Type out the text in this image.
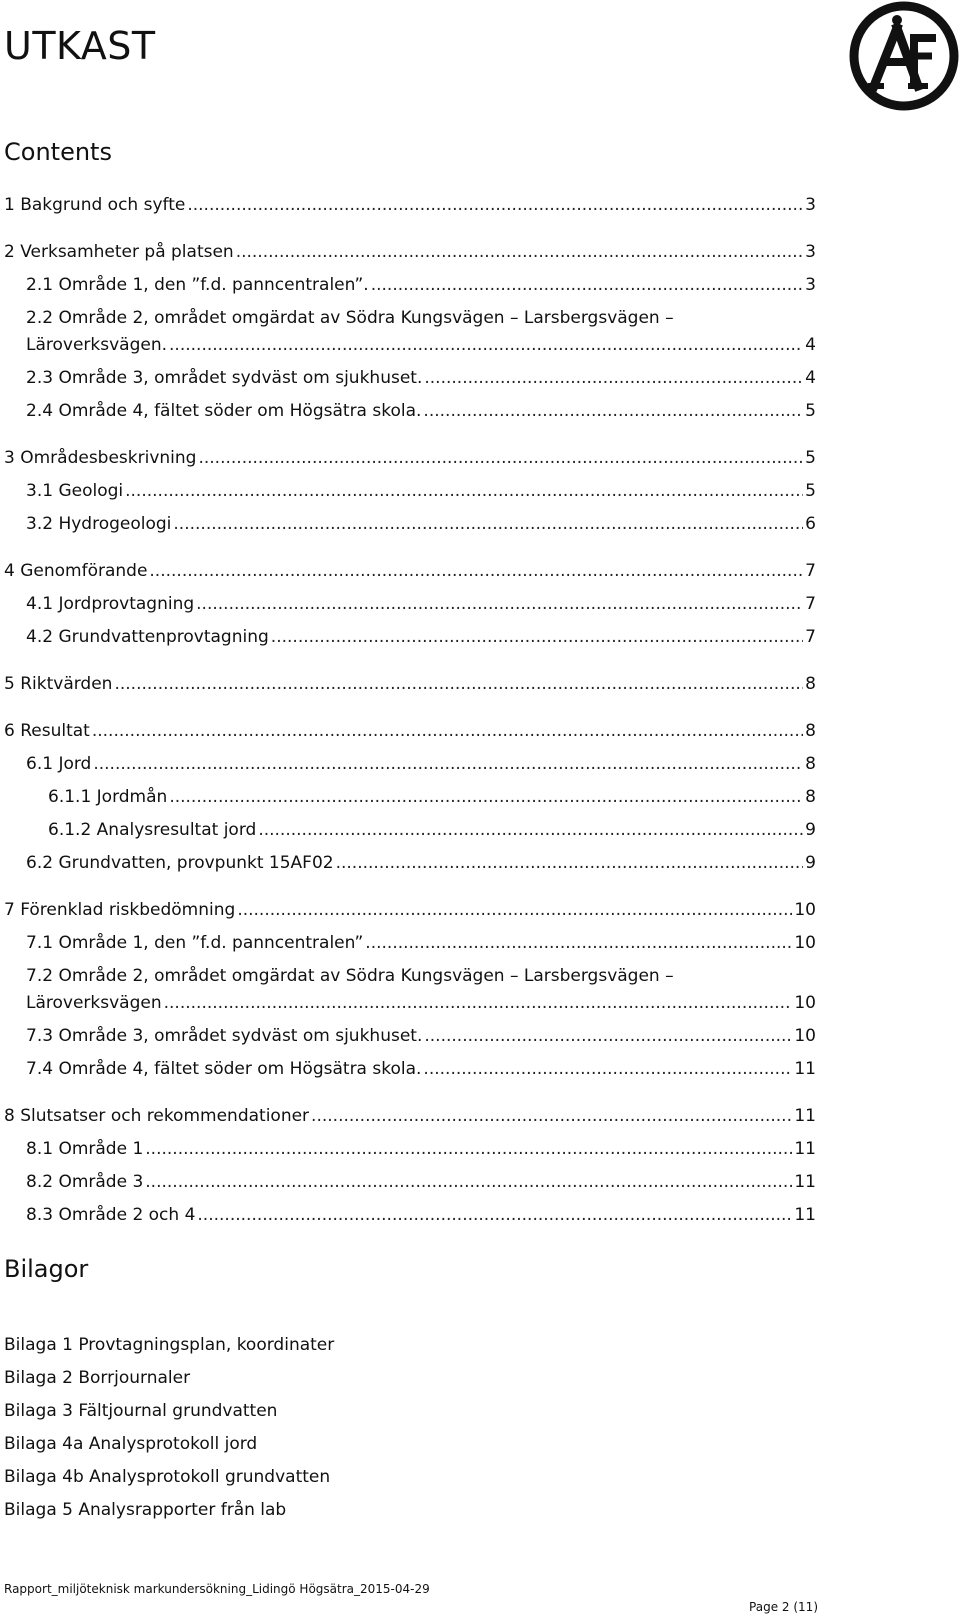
UTKAST
Contents
1 Bakgrund och syfte .....	3
2 Verksamheter på platsen .....	3
2.1 Område 1, den ”f.d. panncentralen”. .....	3
2.2 Område 2, området omgärdat av Södra Kungsvägen – Larsbergsvägen –
Läroverksvägen. .....	4
2.3 Område 3, området sydväst om sjukhuset. .....	4
2.4 Område 4, fältet söder om Högsätra skola. .....	5
3 Områdesbeskrivning .....	5
3.1 Geologi .....	5
3.2 Hydrogeologi .....	6
4 Genomförande .....	7
4.1 Jordprovtagning .....	7
4.2 Grundvattenprovtagning .....	7
5 Riktvärden .....	8
6 Resultat .....	8
6.1 Jord .....	8
6.1.1 Jordmån .....	8
6.1.2 Analysresultat jord .....	9
6.2 Grundvatten, provpunkt 15AF02 .....	9
7 Förenklad riskbedömning .....	10
7.1 Område 1, den ”f.d. panncentralen” .....	10
7.2 Område 2, området omgärdat av Södra Kungsvägen – Larsbergsvägen –
Läroverksvägen .....	10
7.3 Område 3, området sydväst om sjukhuset. .....	10
7.4 Område 4, fältet söder om Högsätra skola. .....	11
8 Slutsatser och rekommendationer .....	11
8.1 Område 1 .....	11
8.2 Område 3 .....	11
8.3 Område 2 och 4 .....	11
Bilagor
Bilaga 1 Provtagningsplan, koordinater
Bilaga 2 Borrjournaler
Bilaga 3 Fältjournal grundvatten
Bilaga 4a Analysprotokoll jord
Bilaga 4b Analysprotokoll grundvatten
Bilaga 5 Analysrapporter från lab
Rapport_miljöteknisk markundersökning_Lidingö Högsätra_2015-04-29
Page 2 (11)
